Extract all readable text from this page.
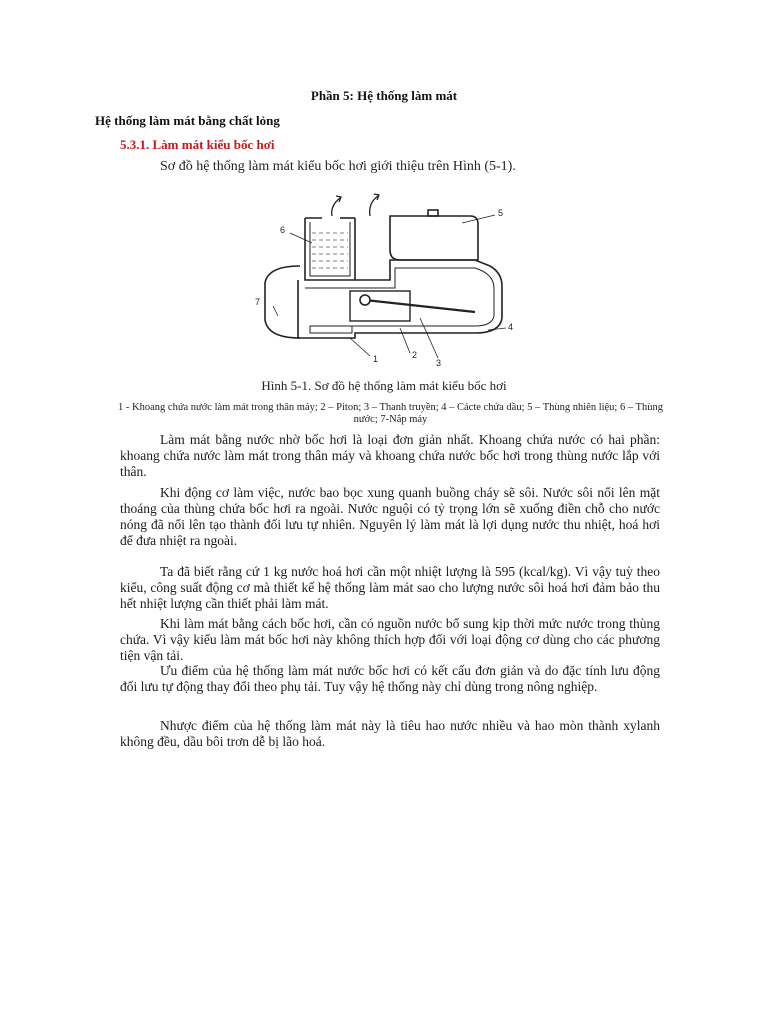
Phần 5: Hệ thống làm mát
Hệ thống làm mát bằng chất lỏng
5.3.1. Làm mát kiểu bốc hơi
Sơ đồ hệ thống làm mát kiểu bốc hơi giới thiệu trên Hình (5-1).
1	2
3
4
5
6
7
Hình 5-1. Sơ đồ hệ thống làm mát kiểu bốc hơi
1 - Khoang chứa nước làm mát trong thân máy; 2 – Piton; 3 – Thanh truyền; 4 – Cácte chứa dầu; 5 – Thùng nhiên liệu; 6 – Thùng nước; 7-Nắp máy

Làm mát bằng nước nhờ bốc hơi là loại đơn giản nhất. Khoang chứa nước có hai phần: khoang chứa nước làm mát trong thân máy và khoang chứa nước bốc hơi trong thùng nước lắp với thân.

Khi động cơ làm việc, nước bao bọc xung quanh buồng cháy sẽ sôi. Nước sôi nổi lên mặt thoáng của thùng chứa bốc hơi ra ngoài. Nước nguội có tỷ trọng lớn sẽ xuống điền chỗ cho nước nóng đã nổi lên tạo thành đối lưu tự nhiên. Nguyên lý làm mát là lợi dụng nước thu nhiệt, hoá hơi để đưa nhiệt ra ngoài.

Ta đã biết rằng cứ 1 kg nước hoá hơi cần một nhiệt lượng là 595 (kcal/kg). Vì vậy tuỳ theo kiểu, công suất động cơ mà thiết kế hệ thống làm mát sao cho lượng nước sôi hoá hơi đảm bảo thu hết nhiệt lượng cần thiết phải làm mát.

Khi làm mát bằng cách bốc hơi, cần có nguồn nước bổ sung kịp thời mức nước trong thùng chứa. Vì vậy kiểu làm mát bốc hơi này không thích hợp đối với loại động cơ dùng cho các phương tiện vận tải.

Ưu điểm của hệ thống làm mát nước bốc hơi có kết cấu đơn giản và do đặc tính lưu động đối lưu tự động thay đổi theo phụ tải. Tuy vậy hệ thống này chỉ dùng trong nông nghiệp.

Nhược điểm của hệ thống làm mát này là tiêu hao nước nhiều và hao mòn thành xylanh không đều, dầu bôi trơn dễ bị lão hoá.
